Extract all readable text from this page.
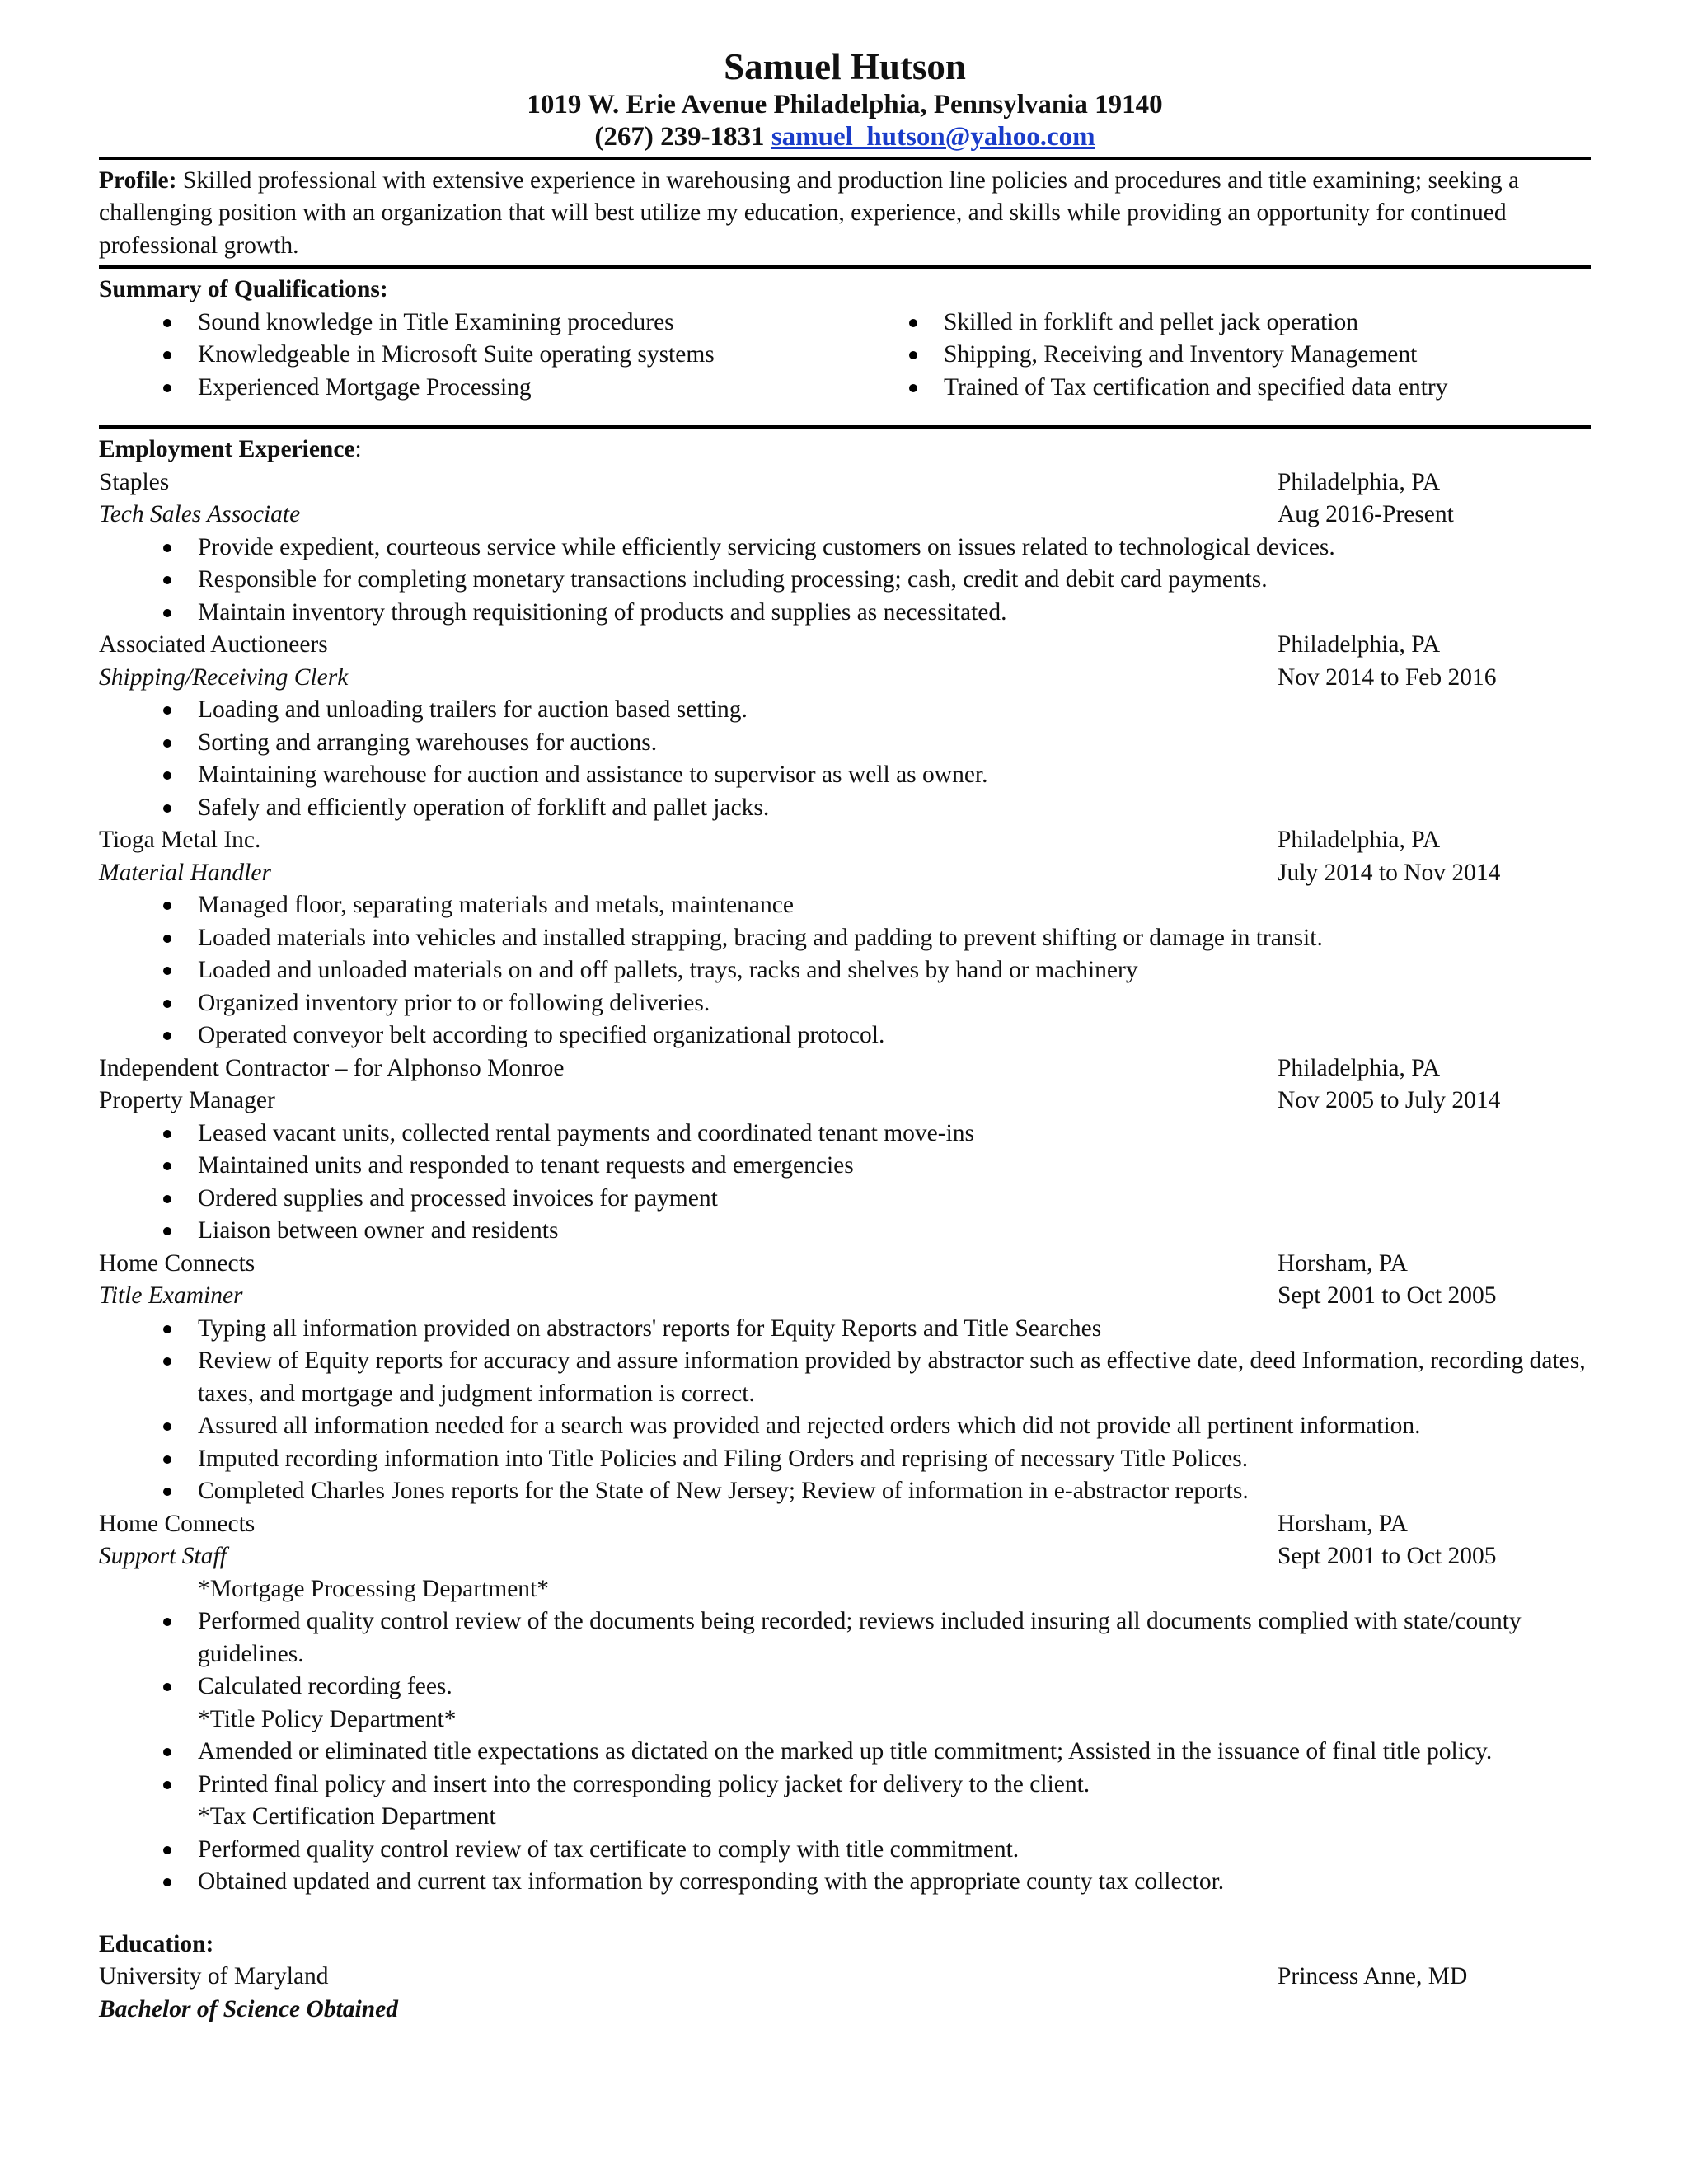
Samuel Hutson
1019 W. Erie Avenue Philadelphia, Pennsylvania 19140
(267) 239-1831 samuel_hutson@yahoo.com
Profile: Skilled professional with extensive experience in warehousing and production line policies and procedures and title examining; seeking a challenging position with an organization that will best utilize my education, experience, and skills while providing an opportunity for continued professional growth.
Summary of Qualifications:
Sound knowledge in Title Examining procedures
Knowledgeable in Microsoft Suite operating systems
Experienced Mortgage Processing
Skilled in forklift and pellet jack operation
Shipping, Receiving and Inventory Management
Trained of Tax certification and specified data entry
Employment Experience:
Staples	Philadelphia, PA
Tech Sales Associate	Aug 2016-Present
Provide expedient, courteous service while efficiently servicing customers on issues related to technological devices.
Responsible for completing monetary transactions including processing; cash, credit and debit card payments.
Maintain inventory through requisitioning of products and supplies as necessitated.
Associated Auctioneers	Philadelphia, PA
Shipping/Receiving Clerk	Nov 2014 to Feb 2016
Loading and unloading trailers for auction based setting.
Sorting and arranging warehouses for auctions.
Maintaining warehouse for auction and assistance to supervisor as well as owner.
Safely and efficiently operation of forklift and pallet jacks.
Tioga Metal Inc.	Philadelphia, PA
Material Handler	July 2014 to Nov 2014
Managed floor, separating materials and metals, maintenance
Loaded materials into vehicles and installed strapping, bracing and padding to prevent shifting or damage in transit.
Loaded and unloaded materials on and off pallets, trays, racks and shelves by hand or machinery
Organized inventory prior to or following deliveries.
Operated conveyor belt according to specified organizational protocol.
Independent Contractor – for Alphonso Monroe	Philadelphia, PA
Property Manager	Nov 2005 to July 2014
Leased vacant units, collected rental payments and coordinated tenant move-ins
Maintained units and responded to tenant requests and emergencies
Ordered supplies and processed invoices for payment
Liaison between owner and residents
Home Connects	Horsham, PA
Title Examiner	Sept 2001 to Oct 2005
Typing all information provided on abstractors' reports for Equity Reports and Title Searches
Review of Equity reports for accuracy and assure information provided by abstractor such as effective date, deed Information, recording dates, taxes, and mortgage and judgment information is correct.
Assured all information needed for a search was provided and rejected orders which did not provide all pertinent information.
Imputed recording information into Title Policies and Filing Orders and reprising of necessary Title Polices.
Completed Charles Jones reports for the State of New Jersey; Review of information in e-abstractor reports.
Home Connects	Horsham, PA
Support Staff	Sept 2001 to Oct 2005
*Mortgage Processing Department*
Performed quality control review of the documents being recorded; reviews included insuring all documents complied with state/county guidelines.
Calculated recording fees.
*Title Policy Department*
Amended or eliminated title expectations as dictated on the marked up title commitment; Assisted in the issuance of final title policy.
Printed final policy and insert into the corresponding policy jacket for delivery to the client.
*Tax Certification Department
Performed quality control review of tax certificate to comply with title commitment.
Obtained updated and current tax information by corresponding with the appropriate county tax collector.
Education:
University of Maryland	Princess Anne, MD
Bachelor of Science Obtained
